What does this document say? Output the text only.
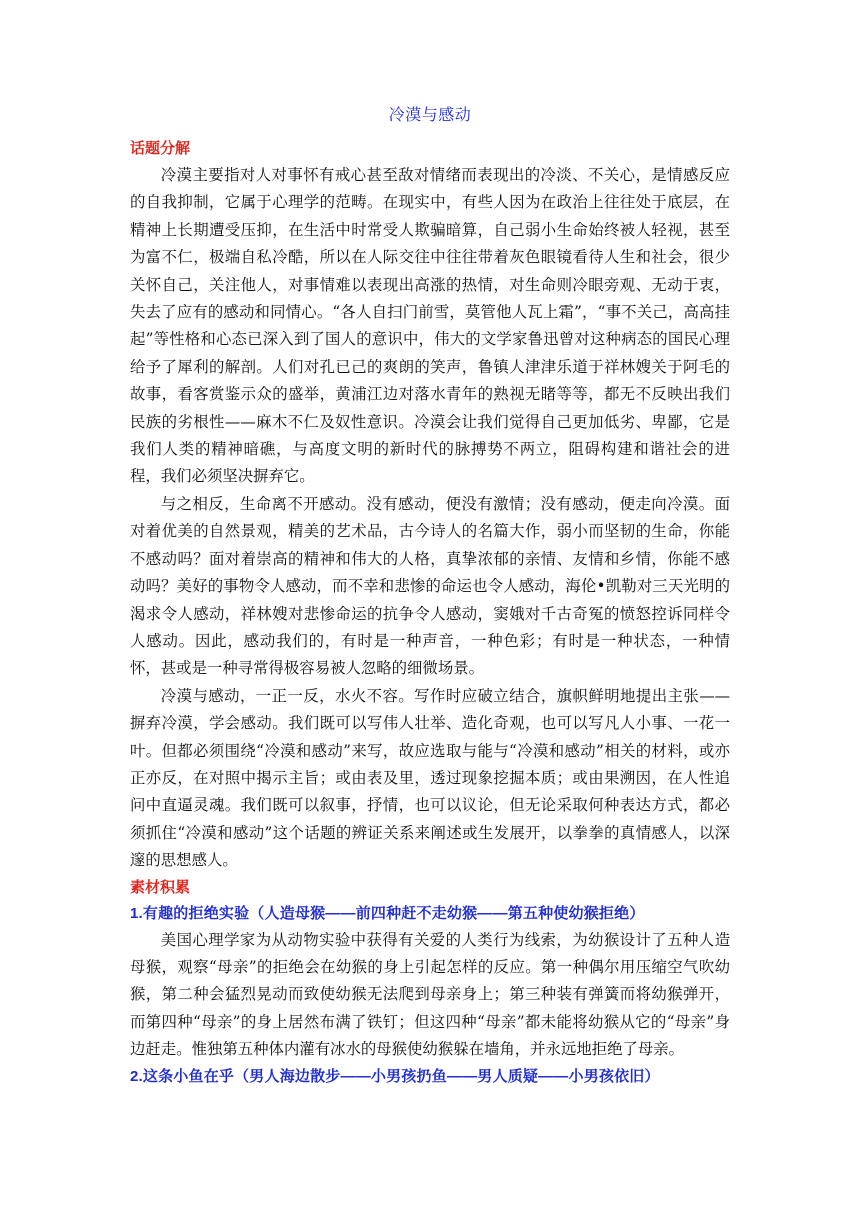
冷漠与感动

话题分解

冷漠主要指对人对事怀有戒心甚至敌对情绪而表现出的冷淡、不关心，是情感反应的自我抑制，它属于心理学的范畴。在现实中，有些人因为在政治上往往处于底层，在精神上长期遭受压抑，在生活中时常受人欺骗暗算，自己弱小生命始终被人轻视，甚至为富不仁，极端自私冷酷，所以在人际交往中往往带着灰色眼镜看待人生和社会，很少关怀自己，关注他人，对事情难以表现出高涨的热情，对生命则冷眼旁观、无动于衷，失去了应有的感动和同情心。“各人自扫门前雪，莫管他人瓦上霜”，“事不关己，高高挂起”等性格和心态已深入到了国人的意识中，伟大的文学家鲁迅曾对这种病态的国民心理给予了犀利的解剖。人们对孔已己的爽朗的笑声，鲁镇人津津乐道于祥林嫂关于阿毛的故事，看客赏鉴示众的盛举，黄浦江边对落水青年的熟视无睹等等，都无不反映出我们民族的劣根性——麻木不仁及奴性意识。冷漠会让我们觉得自己更加低劣、卑鄙，它是我们人类的精神暗礁，与高度文明的新时代的脉搏势不两立，阻碍构建和谐社会的进程，我们必须坚决摒弃它。

与之相反，生命离不开感动。没有感动，便没有激情；没有感动，便走向冷漠。面对着优美的自然景观，精美的艺术品，古今诗人的名篇大作，弱小而坚韧的生命，你能不感动吗？面对着崇高的精神和伟大的人格，真挚浓郁的亲情、友情和乡情，你能不感动吗？美好的事物令人感动，而不幸和悲惨的命运也令人感动，海伦•凯勒对三天光明的渴求令人感动，祥林嫂对悲惨命运的抗争令人感动，窦娥对千古奇冤的愤怒控诉同样令人感动。因此，感动我们的，有时是一种声音，一种色彩；有时是一种状态，一种情怀，甚或是一种寻常得极容易被人忽略的细微场景。

冷漠与感动，一正一反，水火不容。写作时应破立结合，旗帜鲜明地提出主张——摒弃冷漠，学会感动。我们既可以写伟人壮举、造化奇观，也可以写凡人小事、一花一叶。但都必须围绕“冷漠和感动”来写，故应选取与能与“冷漠和感动”相关的材料，或亦正亦反，在对照中揭示主旨；或由表及里，透过现象挖掘本质；或由果溯因，在人性追问中直逼灵魂。我们既可以叙事，抒情，也可以议论，但无论采取何种表达方式，都必须抓住“冷漠和感动”这个话题的辨证关系来阐述或生发展开，以拳拳的真情感人，以深邃的思想感人。

素材积累

1.有趣的拒绝实验（人造母猴——前四种赶不走幼猴——第五种使幼猴拒绝）

美国心理学家为从动物实验中获得有关爱的人类行为线索，为幼猴设计了五种人造母猴，观察“母亲”的拒绝会在幼猴的身上引起怎样的反应。第一种偶尔用压缩空气吹幼猴，第二种会猛烈晃动而致使幼猴无法爬到母亲身上；第三种装有弹簧而将幼猴弹开，而第四种“母亲”的身上居然布满了铁钉；但这四种“母亲”都未能将幼猴从它的“母亲”身边赶走。惟独第五种体内灌有冰水的母猴使幼猴躲在墙角，并永远地拒绝了母亲。

2.这条小鱼在乎（男人海边散步——小男孩扔鱼——男人质疑——小男孩依旧）
